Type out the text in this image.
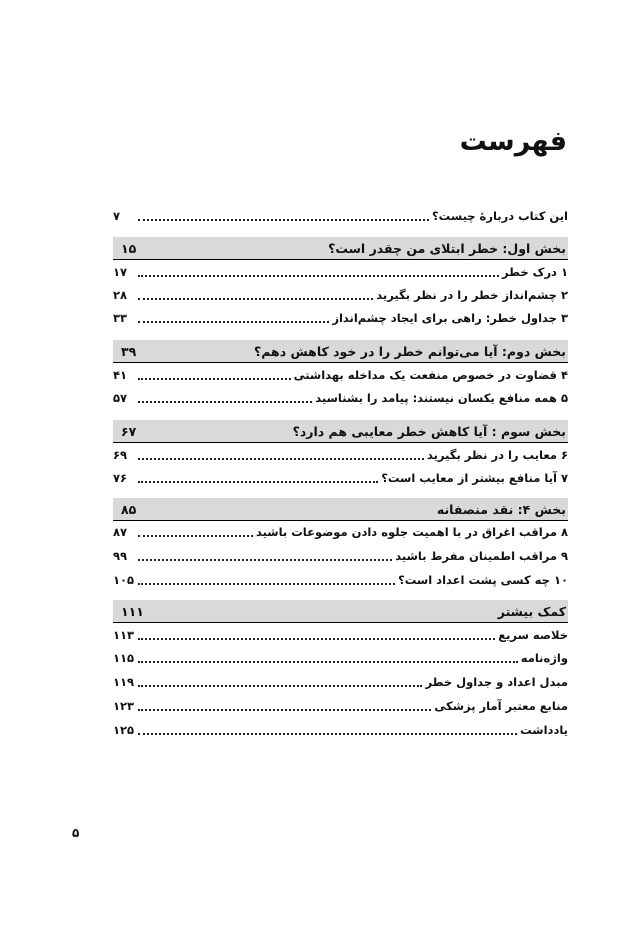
فهرست
این کتاب دربارهٔ چیست؟
۷
بخش اول: خطر ابتلای من چقدر است؟
۱۵
۱ درک خطر
۱۷
۲ چشم‌انداز خطر را در نظر بگیرید
۲۸
۳ جداول خطر: راهی برای ایجاد چشم‌انداز
۳۳
بخش دوم: آیا می‌توانم خطر را در خود کاهش دهم؟
۳۹
۴ قضاوت در خصوص منفعت یک مداخله بهداشتی
۴۱
۵ همه منافع یکسان نیستند: پیامد را بشناسید
۵۷
بخش سوم : آیا کاهش خطر معایبی هم دارد؟
۶۷
۶ معایب را در نظر بگیرید
۶۹
۷ آیا منافع بیشتر از معایب است؟
۷۶
بخش ۴: نقد منصفانه
۸۵
۸ مراقب اغراق در با اهمیت جلوه دادن موضوعات باشید
۸۷
۹ مراقب اطمینان مفرط باشید
۹۹
۱۰ چه کسی پشت اعداد است؟
۱۰۵
کمک بیشتر
۱۱۱
خلاصه سریع
۱۱۳
واژه‌نامه
۱۱۵
مبدل اعداد و جداول خطر
۱۱۹
منابع معتبر آمار پزشکی
۱۲۳
یادداشت
۱۲۵
۵
